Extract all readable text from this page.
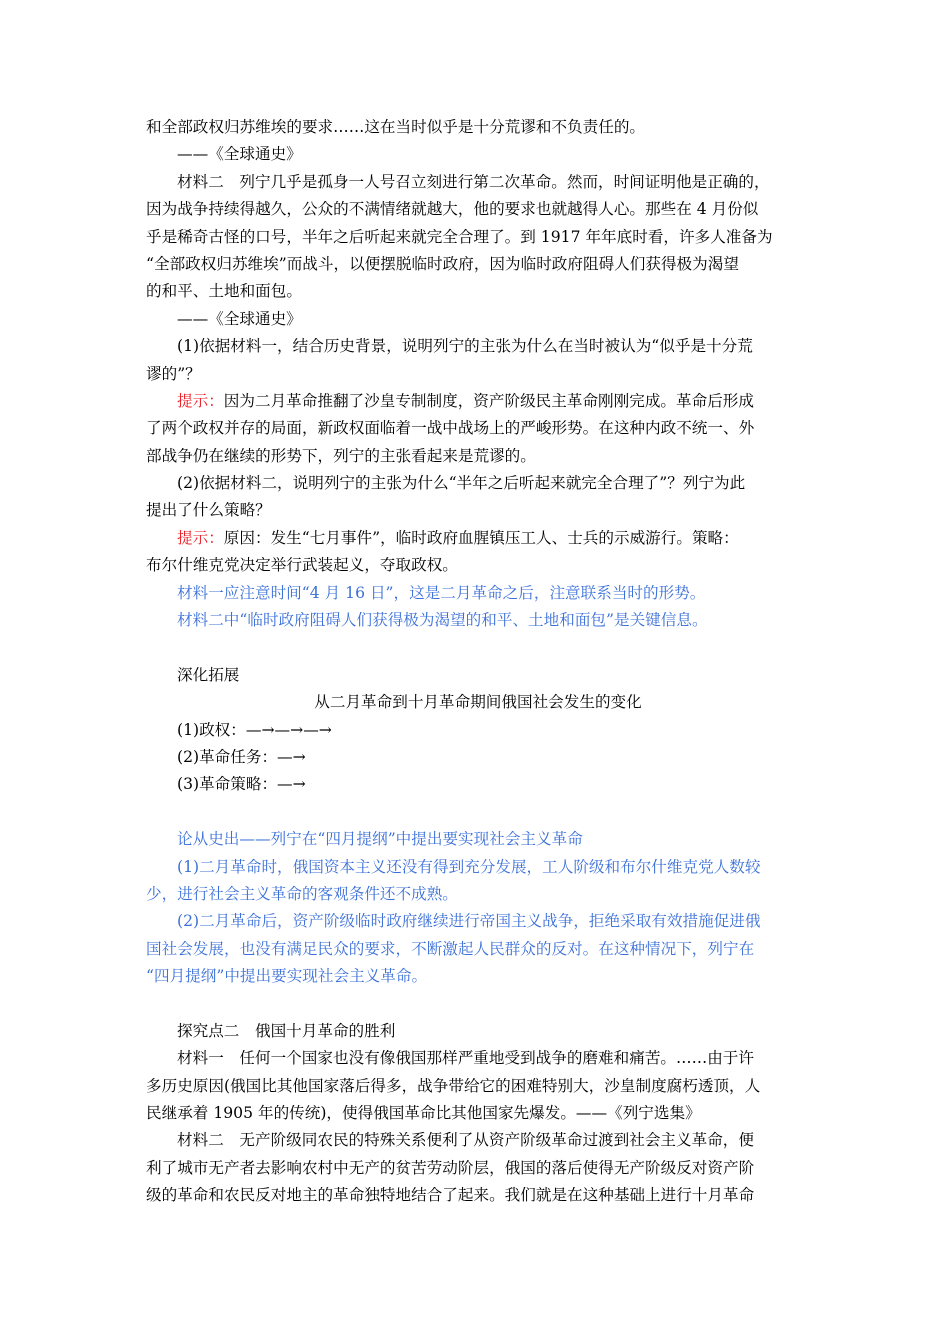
和全部政权归苏维埃的要求……这在当时似乎是十分荒谬和不负责任的。
——《全球通史》
材料二　列宁几乎是孤身一人号召立刻进行第二次革命。然而，时间证明他是正确的，
因为战争持续得越久，公众的不满情绪就越大，他的要求也就越得人心。那些在 4 月份似
乎是稀奇古怪的口号，半年之后听起来就完全合理了。到 1917 年年底时看，许多人准备为
“全部政权归苏维埃”而战斗，以便摆脱临时政府，因为临时政府阻碍人们获得极为渴望
的和平、土地和面包。
——《全球通史》
(1)依据材料一，结合历史背景，说明列宁的主张为什么在当时被认为“似乎是十分荒
谬的”？
提示：因为二月革命推翻了沙皇专制制度，资产阶级民主革命刚刚完成。革命后形成
了两个政权并存的局面，新政权面临着一战中战场上的严峻形势。在这种内政不统一、外
部战争仍在继续的形势下，列宁的主张看起来是荒谬的。
(2)依据材料二，说明列宁的主张为什么“半年之后听起来就完全合理了”？列宁为此
提出了什么策略？
提示：原因：发生“七月事件”，临时政府血腥镇压工人、士兵的示威游行。策略：
布尔什维克党决定举行武装起义，夺取政权。
材料一应注意时间“4 月 16 日”，这是二月革命之后，注意联系当时的形势。
材料二中“临时政府阻碍人们获得极为渴望的和平、土地和面包”是关键信息。
深化拓展
从二月革命到十月革命期间俄国社会发生的变化
(1)政权：—→—→—→
(2)革命任务：—→
(3)革命策略：—→
论从史出——列宁在“四月提纲”中提出要实现社会主义革命
(1)二月革命时，俄国资本主义还没有得到充分发展，工人阶级和布尔什维克党人数较
少，进行社会主义革命的客观条件还不成熟。
(2)二月革命后，资产阶级临时政府继续进行帝国主义战争，拒绝采取有效措施促进俄
国社会发展，也没有满足民众的要求，不断激起人民群众的反对。在这种情况下，列宁在
“四月提纲”中提出要实现社会主义革命。
探究点二　俄国十月革命的胜利
材料一　任何一个国家也没有像俄国那样严重地受到战争的磨难和痛苦。……由于许
多历史原因(俄国比其他国家落后得多，战争带给它的困难特别大，沙皇制度腐朽透顶，人
民继承着 1905 年的传统)，使得俄国革命比其他国家先爆发。——《列宁选集》
材料二　无产阶级同农民的特殊关系便利了从资产阶级革命过渡到社会主义革命，便
利了城市无产者去影响农村中无产的贫苦劳动阶层，俄国的落后使得无产阶级反对资产阶
级的革命和农民反对地主的革命独特地结合了起来。我们就是在这种基础上进行十月革命
